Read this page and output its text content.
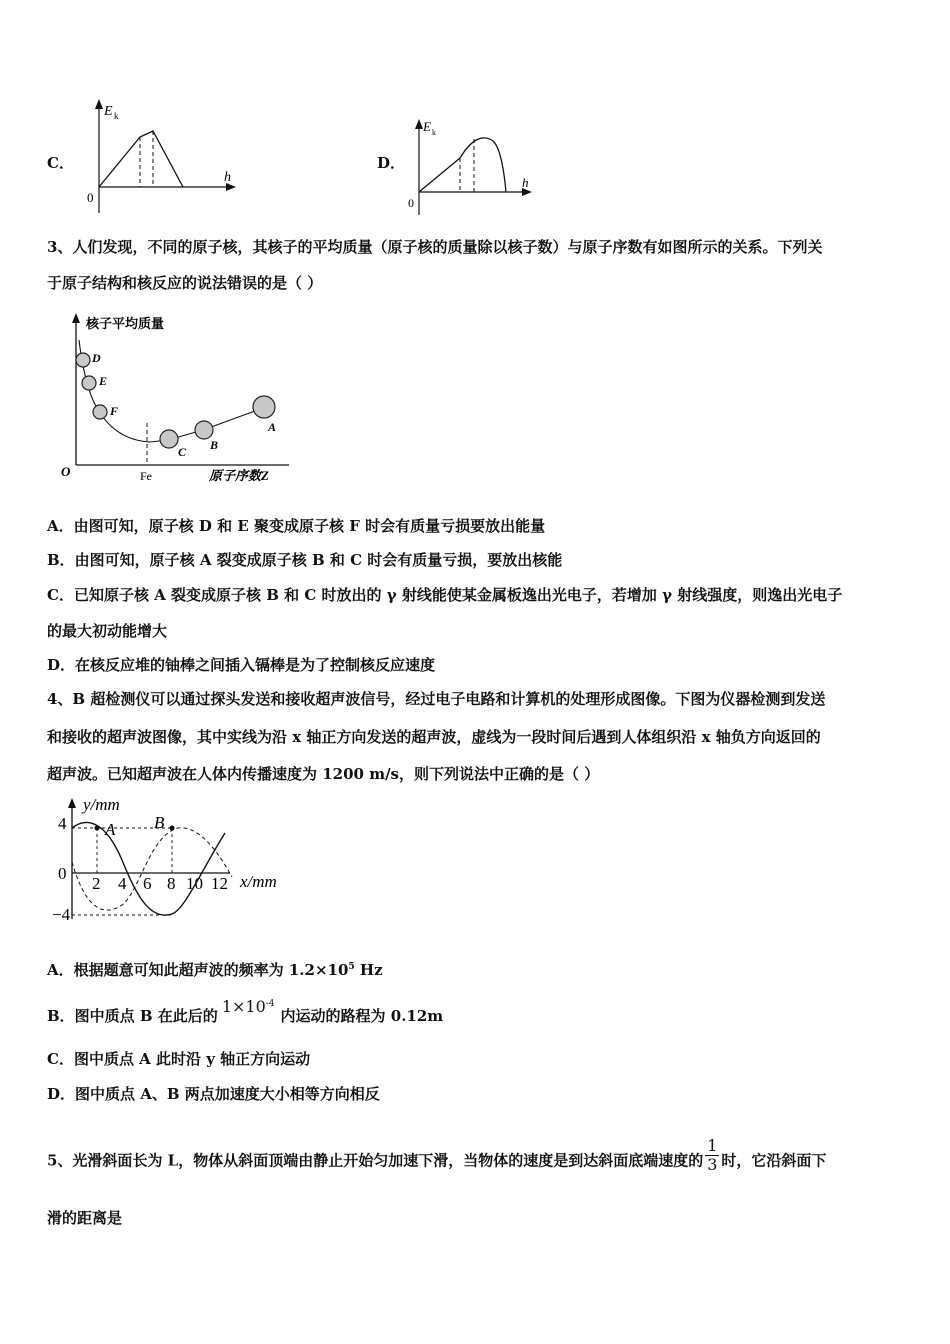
C．
E k
h
0
D．
E k
h
0
3、人们发现，不同的原子核，其核子的平均质量（原子核的质量除以核子数）与原子序数有如图所示的关系。下列关
于原子结构和核反应的说法错误的是（ ）
核子平均质量
原子序数Z
O	Fe
D
E
F
C B
A
A．由图可知，原子核 D 和 E 聚变成原子核 F 时会有质量亏损要放出能量
B．由图可知，原子核 A 裂变成原子核 B 和 C 时会有质量亏损，要放出核能
C．已知原子核 A 裂变成原子核 B 和 C 时放出的 γ 射线能使某金属板逸出光电子，若增加 γ 射线强度，则逸出光电子
的最大初动能增大
D．在核反应堆的铀棒之间插入镉棒是为了控制核反应速度
4、B 超检测仪可以通过探头发送和接收超声波信号，经过电子电路和计算机的处理形成图像。下图为仪器检测到发送
和接收的超声波图像，其中实线为沿 x 轴正方向发送的超声波，虚线为一段时间后遇到人体组织沿 x 轴负方向返回的
超声波。已知超声波在人体内传播速度为 1200 m/s，则下列说法中正确的是（ ）
y/mm
x/mm
4
0
−4
2 4 6 8 10 12
A B
A．根据题意可知此超声波的频率为 $1.2\times 10^5$ Hz
B．图中质点 B 在此后的 $1\times 10^{-4}$内运动的路程为 0.12m
C．图中质点 A 此时沿 y 轴正方向运动
D．图中质点 A、B 两点加速度大小相等方向相反
5、光滑斜面长为 L，物体从斜面顶端由静止开始匀加速下滑，当物体的速度是到达斜面底端速度的 $\frac{1}{3}$ 时，它沿斜面下
滑的距离是
